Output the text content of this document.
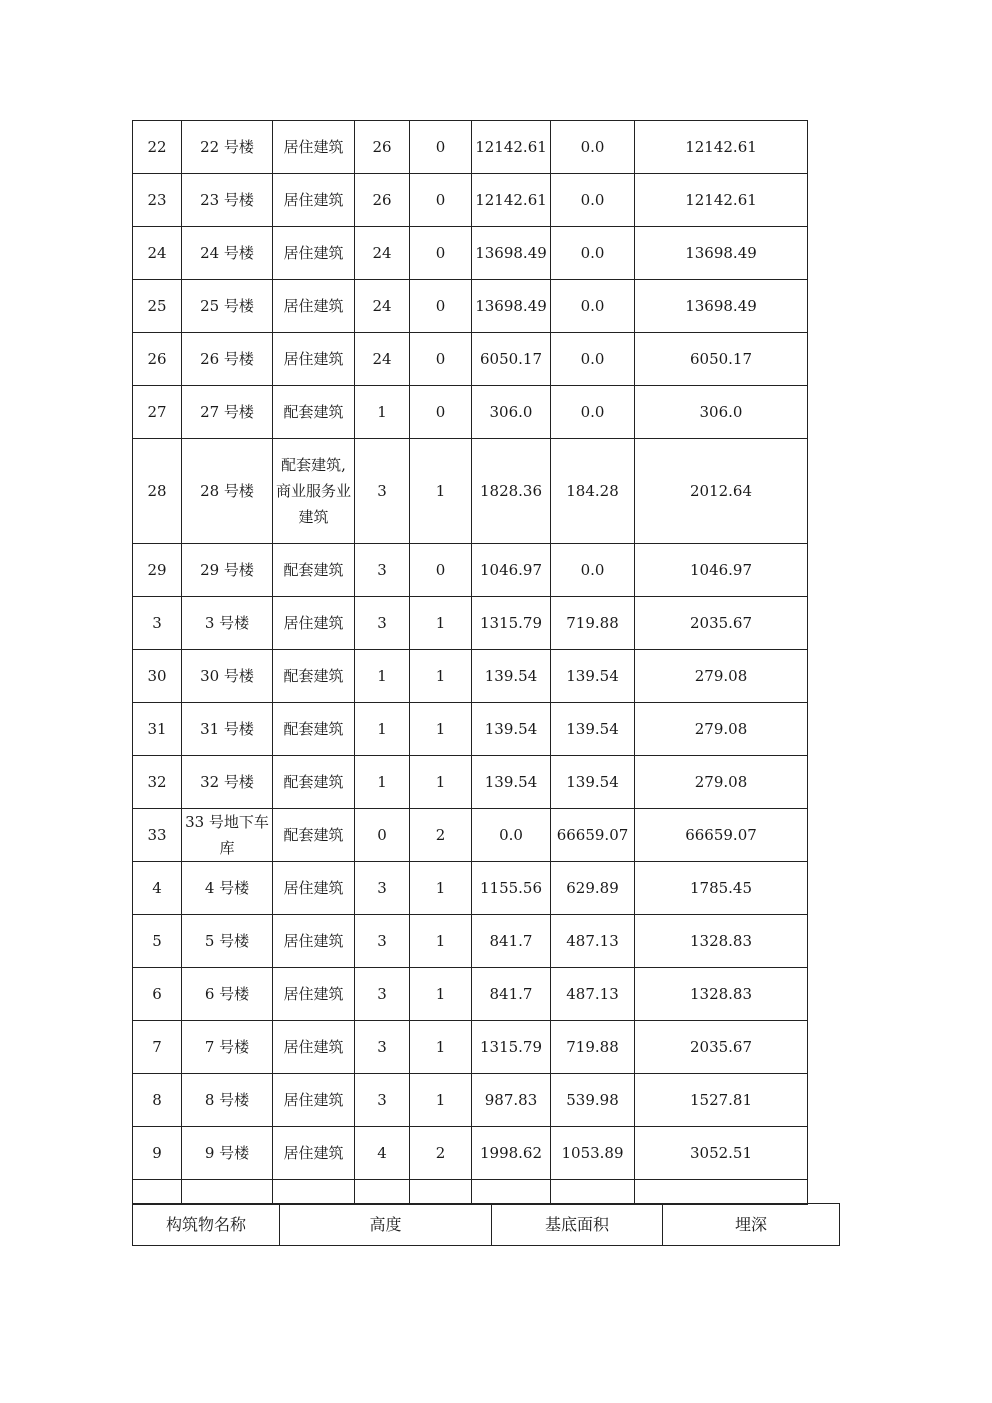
22	22 号楼	居住建筑	26	0	12142.61	0.0	12142.61
23	23 号楼	居住建筑	26	0	12142.61	0.0	12142.61
24	24 号楼	居住建筑	24	0	13698.49	0.0	13698.49
25	25 号楼	居住建筑	24	0	13698.49	0.0	13698.49
26	26 号楼	居住建筑	24	0	6050.17	0.0	6050.17
27	27 号楼	配套建筑	1	0	306.0	0.0	306.0
28	28 号楼	配套建筑,商业服务业建筑	3	1	1828.36	184.28	2012.64
29	29 号楼	配套建筑	3	0	1046.97	0.0	1046.97
3	3 号楼	居住建筑	3	1	1315.79	719.88	2035.67
30	30 号楼	配套建筑	1	1	139.54	139.54	279.08
31	31 号楼	配套建筑	1	1	139.54	139.54	279.08
32	32 号楼	配套建筑	1	1	139.54	139.54	279.08
33	33 号地下车库	配套建筑	0	2	0.0	66659.07	66659.07
4	4 号楼	居住建筑	3	1	1155.56	629.89	1785.45
5	5 号楼	居住建筑	3	1	841.7	487.13	1328.83
6	6 号楼	居住建筑	3	1	841.7	487.13	1328.83
7	7 号楼	居住建筑	3	1	1315.79	719.88	2035.67
8	8 号楼	居住建筑	3	1	987.83	539.98	1527.81
9	9 号楼	居住建筑	4	2	1998.62	1053.89	3052.51

构筑物名称	高度	基底面积	埋深
